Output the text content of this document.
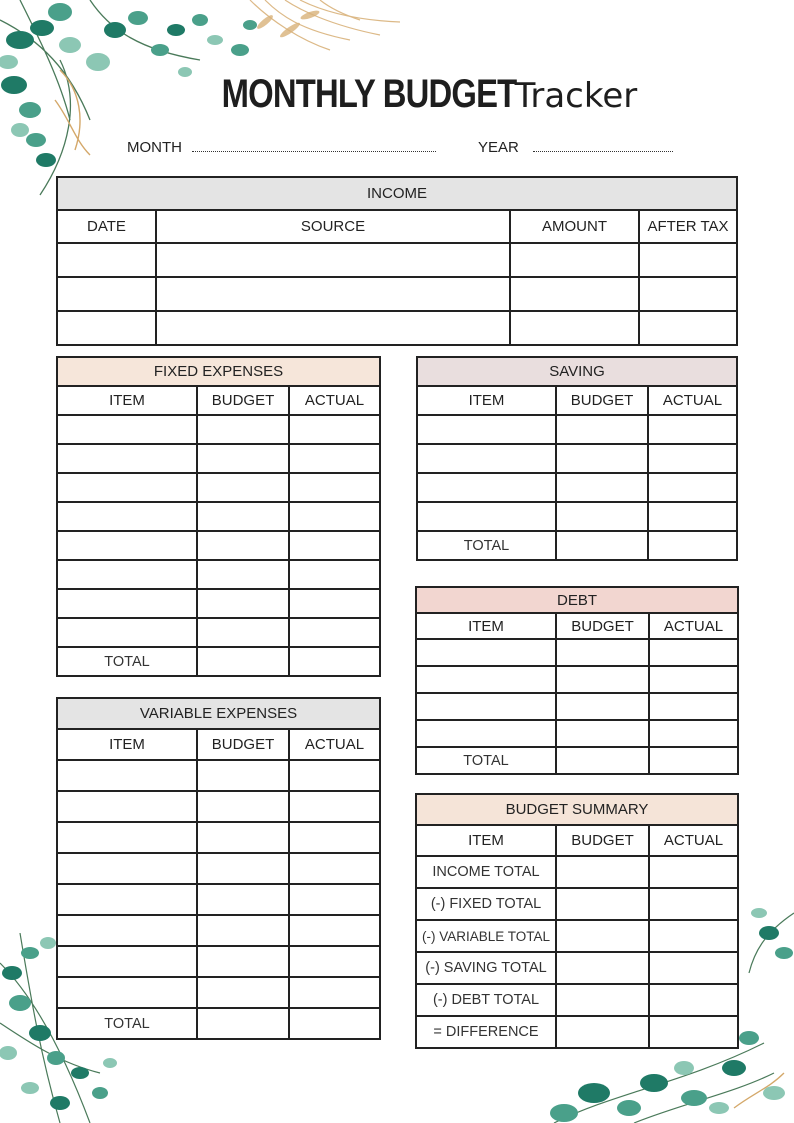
MONTHLY BUDGET Tracker
MONTH	YEAR
INCOME			
DATE	SOURCE	AMOUNT	AFTER TAX

FIXED EXPENSES		
ITEM	BUDGET	ACTUAL

TOTAL		
VARIABLE EXPENSES		
ITEM	BUDGET	ACTUAL

TOTAL		
SAVING		
ITEM	BUDGET	ACTUAL

TOTAL		
DEBT		
ITEM	BUDGET	ACTUAL

TOTAL		
BUDGET SUMMARY		
ITEM	BUDGET	ACTUAL
INCOME TOTAL		
(-) FIXED TOTAL		
(-) VARIABLE TOTAL		
(-) SAVING TOTAL		
(-) DEBT TOTAL		
= DIFFERENCE		
